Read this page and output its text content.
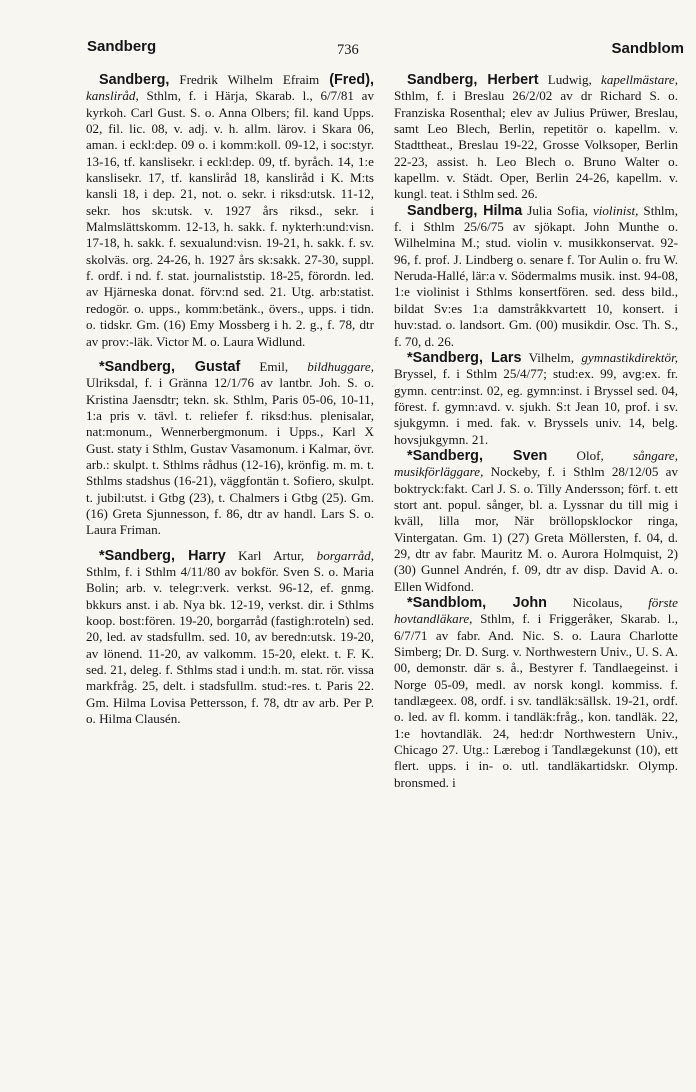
Sandberg	736	Sandblom

Sandberg, Fredrik Wilhelm Efraim (Fred), kansliråd, Sthlm, f. i Härja, Skarab. l., 6/7/81 av kyrkoh. Carl Gust. S. o. Anna Olbers; fil. kand Upps. 02, fil. lic. 08, v. adj. v. h. allm. lärov. i Skara 06, aman. i eckl:dep. 09 o. i komm:koll. 09-12, i soc:styr. 13-16, tf. kanslisekr. i eckl:dep. 09, tf. byråch. 14, 1:e kanslisekr. 17, tf. kansliråd 18, kansliråd i K. M:ts kansli 18, i dep. 21, not. o. sekr. i riksd:utsk. 11-12, sekr. hos sk:utsk. v. 1927 års riksd., sekr. i Malmslättskomm. 12-13, h. sakk. f. nykterh:und:visn. 17-18, h. sakk. f. sexualund:visn. 19-21, h. sakk. f. sv. skolväs. org. 24-26, h. 1927 års sk:sakk. 27-30, suppl. f. ordf. i nd. f. stat. journaliststip. 18-25, förordn. led. av Hjärneska donat. förv:nd sed. 21. Utg. arb:statist. redogör. o. upps., komm:betänk., övers., upps. i tidn. o. tidskr. Gm. (16) Emy Mossberg i h. 2. g., f. 78, dtr av prov:-läk. Victor M. o. Laura Widlund.

*Sandberg, Gustaf Emil, bildhuggare, Ulriksdal, f. i Gränna 12/1/76 av lantbr. Joh. S. o. Kristina Jaensdtr; tekn. sk. Sthlm, Paris 05-06, 10-11, 1:a pris v. tävl. t. reliefer f. riksd:hus. plenisalar, nat:monum., Wennerbergmonum. i Upps., Karl X Gust. staty i Sthlm, Gustav Vasamonum. i Kalmar, övr. arb.: skulpt. t. Sthlms rådhus (12-16), krönfig. m. m. t. Sthlms stadshus (16-21), väggfontän t. Sofiero, skulpt. t. jubil:utst. i Gtbg (23), t. Chalmers i Gtbg (25). Gm. (16) Greta Sjunnesson, f. 86, dtr av handl. Lars S. o. Laura Friman.

*Sandberg, Harry Karl Artur, borgarråd, Sthlm, f. i Sthlm 4/11/80 av bokför. Sven S. o. Maria Bolin; arb. v. telegr:verk. verkst. 96-12, ef. gnmg. bkkurs anst. i ab. Nya bk. 12-19, verkst. dir. i Sthlms koop. bost:fören. 19-20, borgarråd (fastigh:roteln) sed. 20, led. av stadsfullm. sed. 10, av beredn:utsk. 19-20, av lönend. 11-20, av valkomm. 15-20, elekt. t. F. K. sed. 21, deleg. f. Sthlms stad i und:h. m. stat. rör. vissa markfråg. 25, delt. i stadsfullm. stud:-res. t. Paris 22. Gm. Hilma Lovisa Pettersson, f. 78, dtr av arb. Per P. o. Hilma Clausén.

Sandberg, Herbert Ludwig, kapellmästare, Sthlm, f. i Breslau 26/2/02 av dr Richard S. o. Franziska Rosenthal; elev av Julius Prüwer, Breslau, samt Leo Blech, Berlin, repetitör o. kapellm. v. Stadttheat., Breslau 19-22, Grosse Volksoper, Berlin 22-23, assist. h. Leo Blech o. Bruno Walter o. kapellm. v. Städt. Oper, Berlin 24-26, kapellm. v. kungl. teat. i Sthlm sed. 26.

Sandberg, Hilma Julia Sofia, violinist, Sthlm, f. i Sthlm 25/6/75 av sjökapt. John Munthe o. Wilhelmina M.; stud. violin v. musikkonservat. 92-96, f. prof. J. Lindberg o. senare f. Tor Aulin o. fru W. Neruda-Hallé, lär:a v. Södermalms musik. inst. 94-08, 1:e violinist i Sthlms konsertfören. sed. dess bild., bildat Sv:es 1:a damstråkkvartett 10, konsert. i huv:stad. o. landsort. Gm. (00) musikdir. Osc. Th. S., f. 70, d. 26.

*Sandberg, Lars Vilhelm, gymnastikdirektör, Bryssel, f. i Sthlm 25/4/77; stud:ex. 99, avg:ex. fr. gymn. centr:inst. 02, eg. gymn:inst. i Bryssel sed. 04, förest. f. gymn:avd. v. sjukh. S:t Jean 10, prof. i sv. sjukgymn. i med. fak. v. Bryssels univ. 14, belg. hovsjukgymn. 21.

*Sandberg, Sven Olof, sångare, musikförläggare, Nockeby, f. i Sthlm 28/12/05 av boktryck:fakt. Carl J. S. o. Tilly Andersson; förf. t. ett stort ant. popul. sånger, bl. a. Lyssnar du till mig i kväll, lilla mor, När bröllopsklockor ringa, Vintergatan. Gm. 1) (27) Greta Möllersten, f. 04, d. 29, dtr av fabr. Mauritz M. o. Aurora Holmquist, 2) (30) Gunnel Andrén, f. 09, dtr av disp. David A. o. Ellen Widfond.

*Sandblom, John Nicolaus, förste hovtandläkare, Sthlm, f. i Friggeråker, Skarab. l., 6/7/71 av fabr. And. Nic. S. o. Laura Charlotte Simberg; Dr. D. Surg. v. Northwestern Univ., U. S. A. 00, demonstr. där s. å., Bestyrer f. Tandlaegeinst. i Norge 05-09, medl. av norsk kongl. kommiss. f. tandlægeex. 08, ordf. i sv. tandläk:sällsk. 19-21, ordf. o. led. av fl. komm. i tandläk:fråg., kon. tandläk. 22, 1:e hovtandläk. 24, hed:dr Northwestern Univ., Chicago 27. Utg.: Lærebog i Tandlægekunst (10), ett flert. upps. i in- o. utl. tandläkartidskr. Olymp. bronsmed. i
